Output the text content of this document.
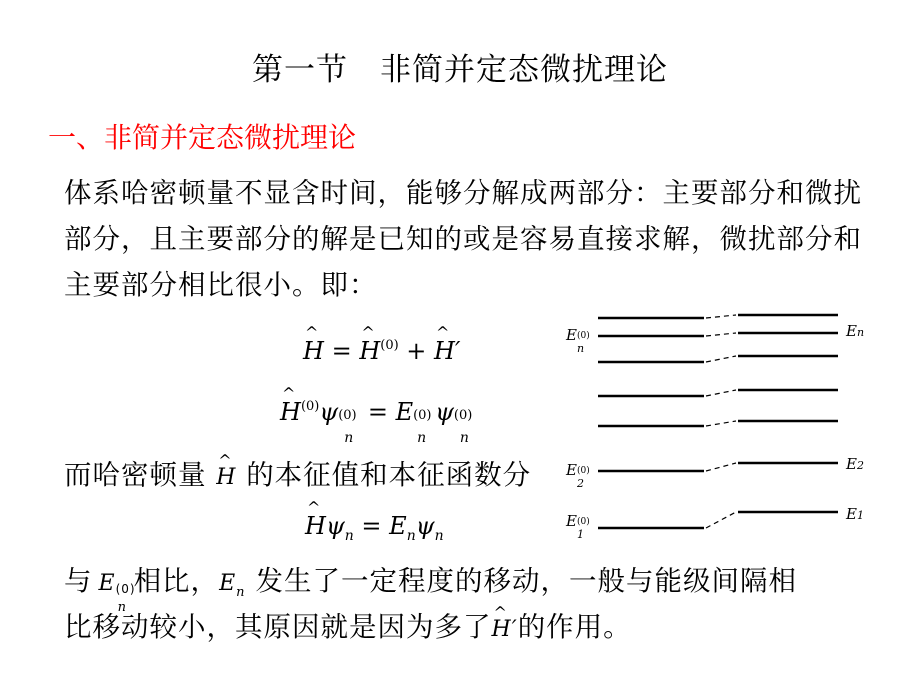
第一节　非简并定态微扰理论
一、非简并定态微扰理论
体系哈密顿量不显含时间，能够分解成两部分：主要部分和微扰部分，且主要部分的解是已知的或是容易直接求解，微扰部分和主要部分相比很小。即：
^ H = ^ $H^{(0)}$ + ^ H′
^ $H^{(0)}\psi$ (0)
n
= E (0)
n
ψ (0)
n
而哈密顿量 ^ H 的本征值和本征函数分
^ $H\psi_n = E_n\psi_n$
与 E (0)
n
相比，$E_n$ 发生了一定程度的移动，一般与能级间隔相
比移动较小，其原因就是因为多了^ H′的作用。
E (0)
n
E (0)
2
E (0)
1
En
E2
E1
